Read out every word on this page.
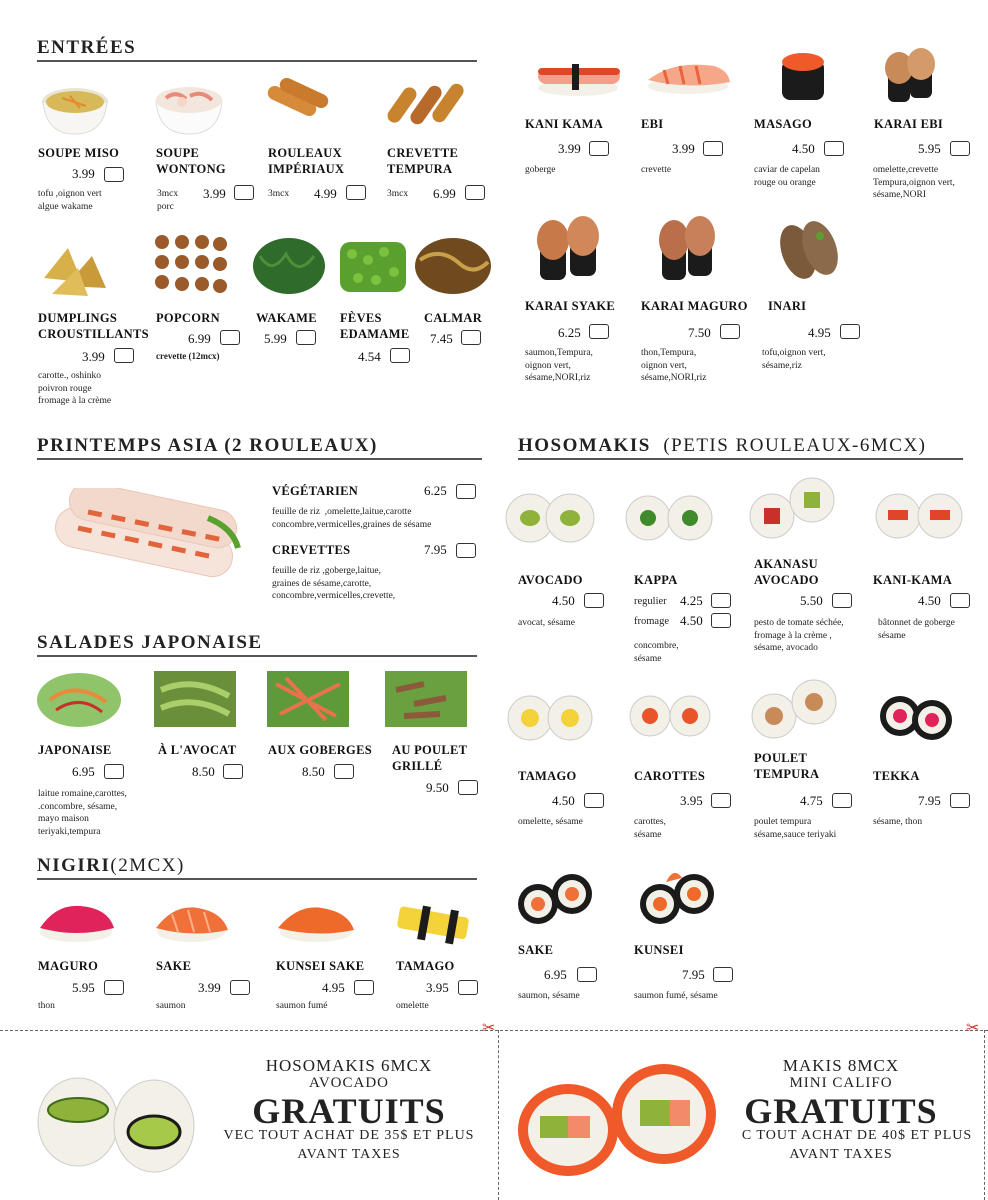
ENTRÉES
SOUPE MISO
3.99
tofu ,oignon vert
algue wakame
SOUPE
WONTONG
3.99
3mcx
porc
ROULEAUX
IMPÉRIAUX
4.99
3mcx
CREVETTE
TEMPURA
6.99
3mcx
DUMPLINGS
CROUSTILLANTS
3.99
carotte., oshinko
poivron rouge
fromage à la crème
POPCORN
6.99
crevette (12mcx)
WAKAME
5.99
FÈVES
EDAMAME
4.54
CALMAR
7.45
PRINTEMPS ASIA (2 ROULEAUX)
VÉGÉTARIEN	6.25
feuille de riz  ,omelette,laitue,carotte
concombre,vermicelles,graines de sésame
CREVETTES	7.95
feuille de riz ,goberge,laitue,
graines de sésame,carotte,
concombre,vermicelles,crevette,
SALADES JAPONAISE
JAPONAISE
6.95
laitue romaine,carottes,
.concombre, sésame,
mayo maison
teriyaki,tempura
À L'AVOCAT
8.50
AUX GOBERGES
8.50
AU POULET
GRILLÉ
9.50
NIGIRI(2MCX)
MAGURO
5.95
thon
SAKE
3.99
saumon
KUNSEI SAKE
4.95
saumon fumé
TAMAGO
3.95
omelette
KANI KAMA
3.99
goberge
EBI
3.99
crevette
MASAGO
4.50
caviar de capelan
rouge ou orange
KARAI EBI
5.95
omelette,crevette
Tempura,oignon vert,
sésame,NORI
KARAI SYAKE
6.25
saumon,Tempura,
oignon vert,
sésame,NORI,riz
KARAI MAGURO
7.50
thon,Tempura,
oignon vert,
sésame,NORI,riz
INARI
4.95
tofu,oignon vert,
sésame,riz
HOSOMAKIS (PETIS ROULEAUX-6MCX)
AVOCADO
4.50
avocat, sésame
KAPPA
regulier 4.25
fromage 4.50
concombre,
sésame
AKANASU
AVOCADO
5.50
pesto de tomate séchée,
fromage à la crème ,
sésame, avocado
KANI-KAMA
4.50
bâtonnet de goberge
sésame
TAMAGO
4.50
omelette, sésame
CAROTTES
3.95
carottes,
sésame
POULET
TEMPURA
4.75
poulet tempura
sésame,sauce teriyaki
TEKKA
7.95
sésame, thon
SAKE
6.95
saumon, sésame
KUNSEI
7.95
saumon fumé, sésame
✂	✂
HOSOMAKIS 6MCX
AVOCADO
GRATUITS
VEC TOUT ACHAT DE 35$ ET PLUS
AVANT TAXES
MAKIS 8MCX
MINI CALIFO
GRATUITS
C TOUT ACHAT DE 40$ ET PLUS
AVANT TAXES
